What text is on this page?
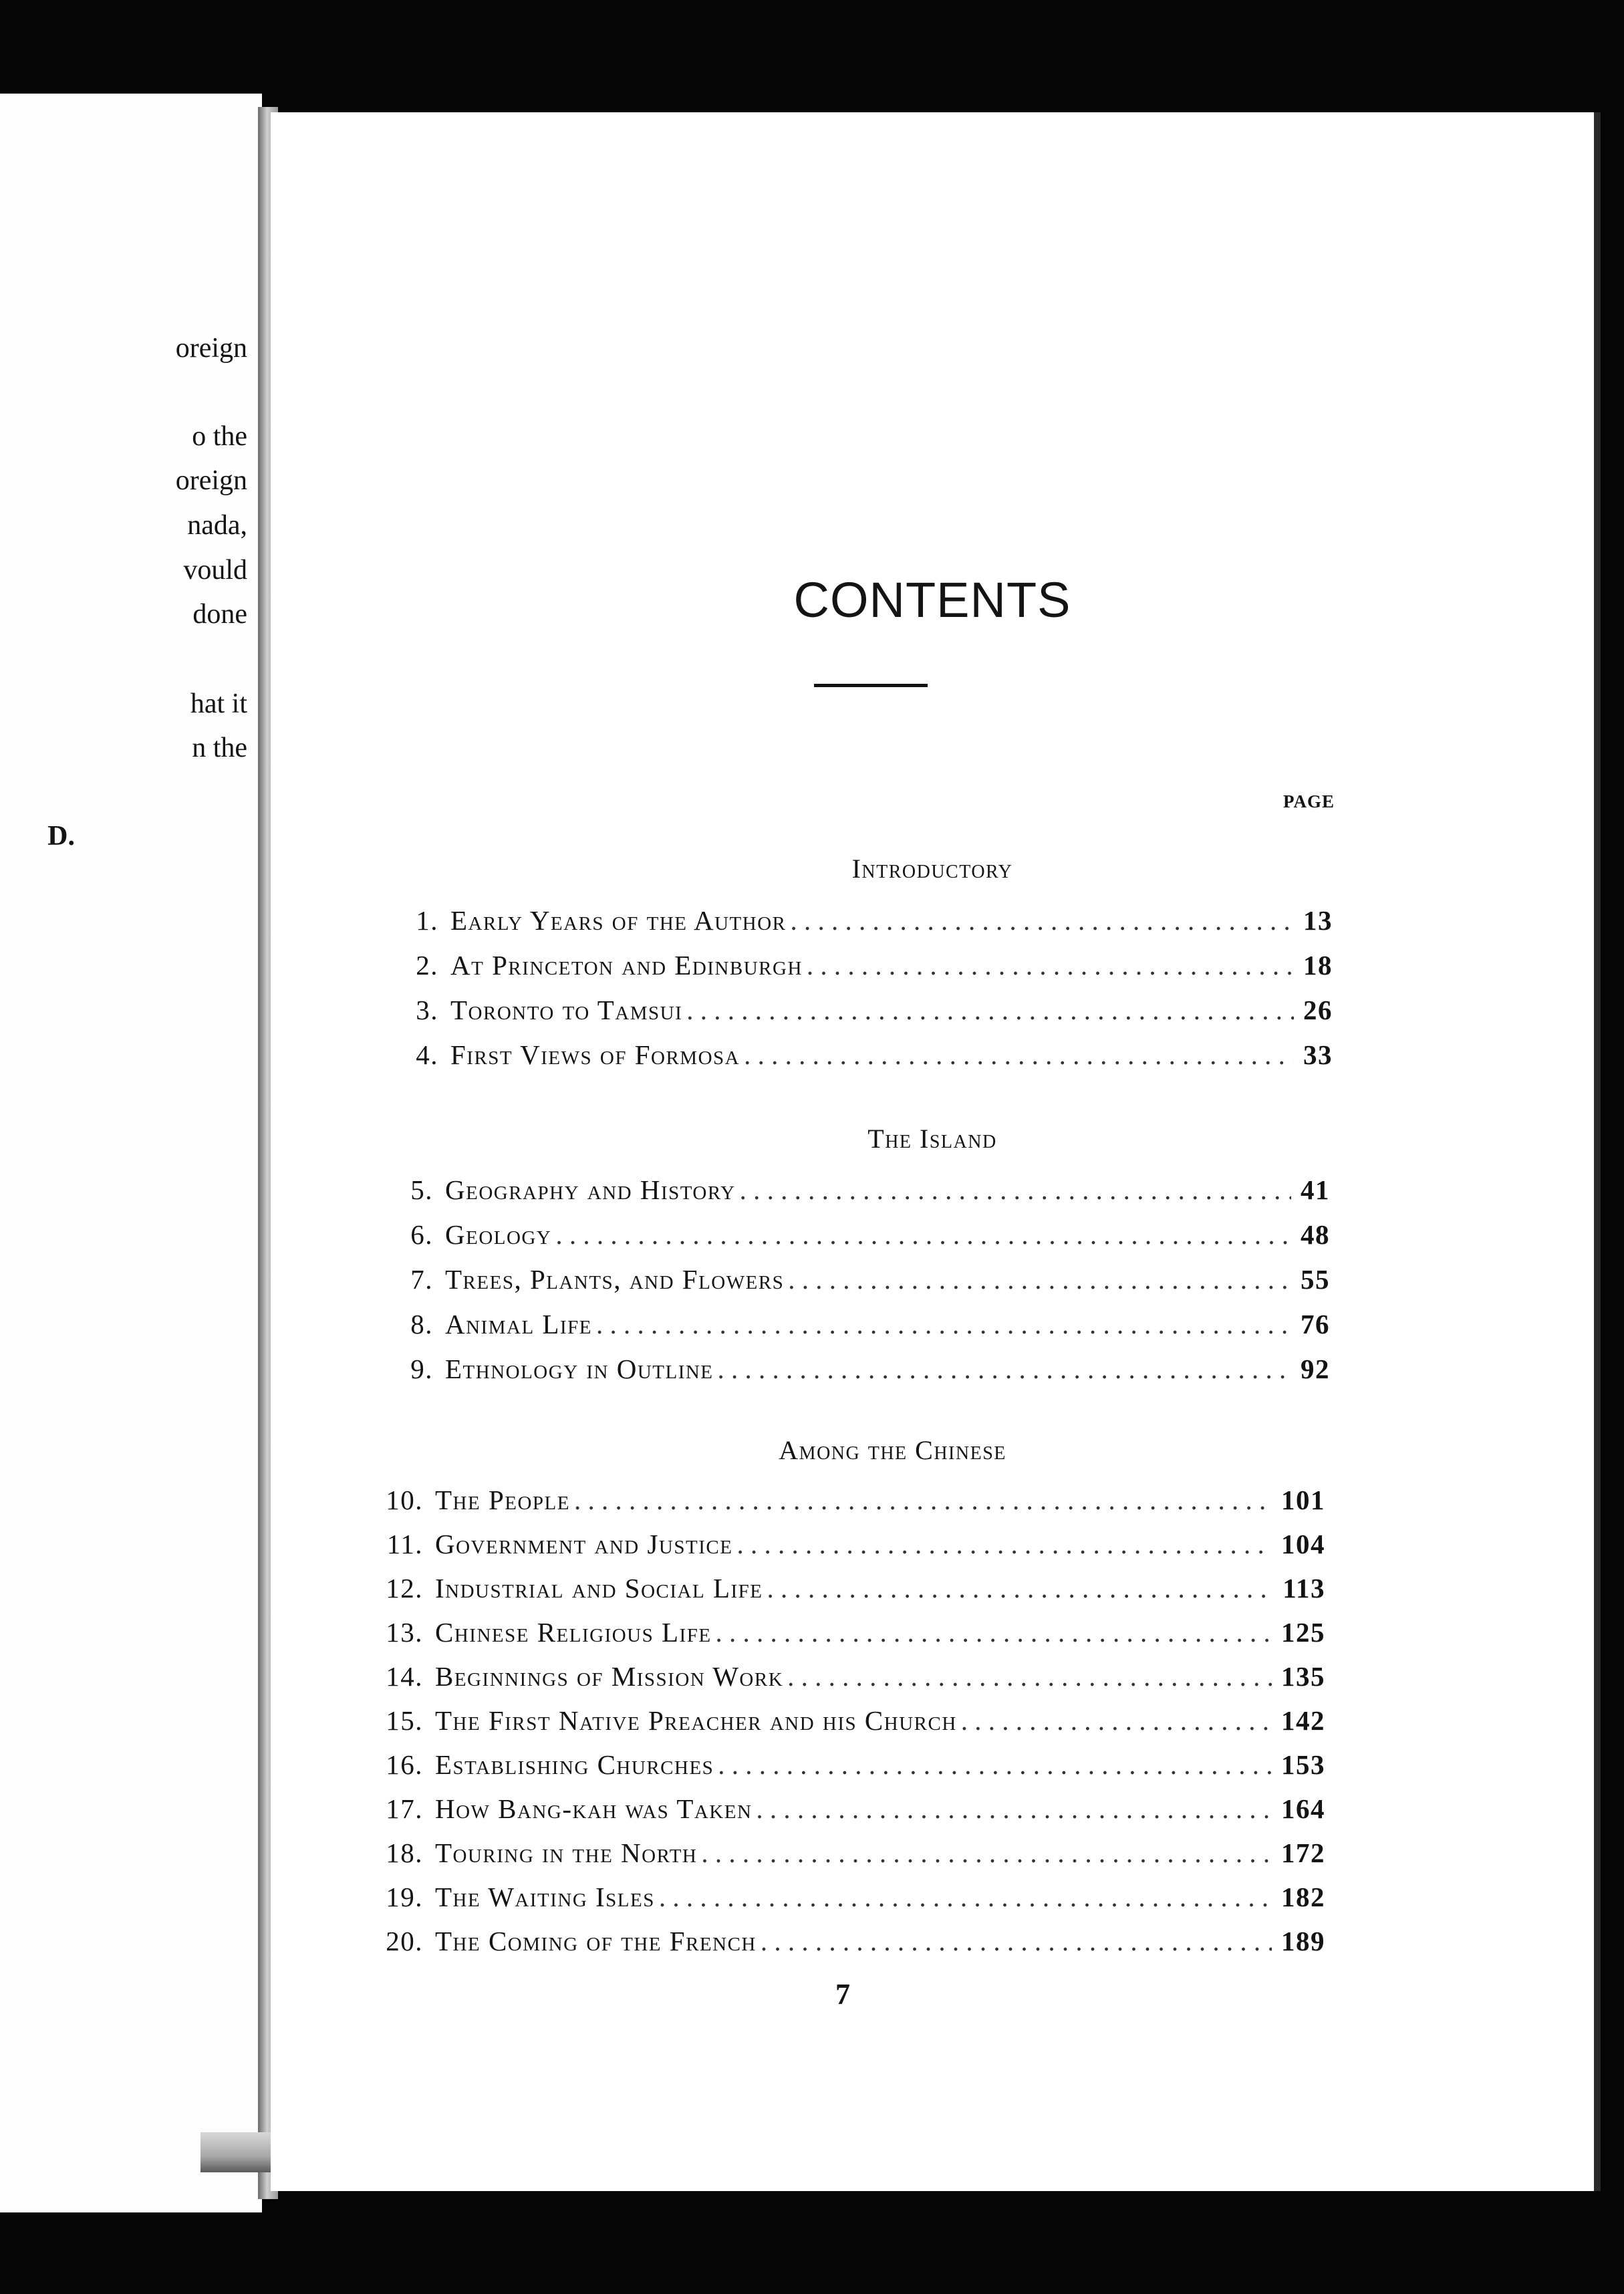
oreign
o the
oreign
nada,
vould
done
hat it
n the
D.
CONTENTS
PAGE
Introductory
1. Early Years of the Author . . .	13
2. At Princeton and Edinburgh . . .	18
3. Toronto to Tamsui . . .	26
4. First Views of Formosa . . .	33
The Island
5. Geography and History . . .	41
6. Geology . . .	48
7. Trees, Plants, and Flowers . . .	55
8. Animal Life . . .	76
9. Ethnology in Outline . . .	92
Among the Chinese
10. The People . . .	101
11. Government and Justice . . .	104
12. Industrial and Social Life . . .	113
13. Chinese Religious Life . . .	125
14. Beginnings of Mission Work . . .	135
15. The First Native Preacher and his Church . . .	142
16. Establishing Churches . . .	153
17. How Bang-kah was Taken . . .	164
18. Touring in the North . . .	172
19. The Waiting Isles . . .	182
20. The Coming of the French . . .	189
7
